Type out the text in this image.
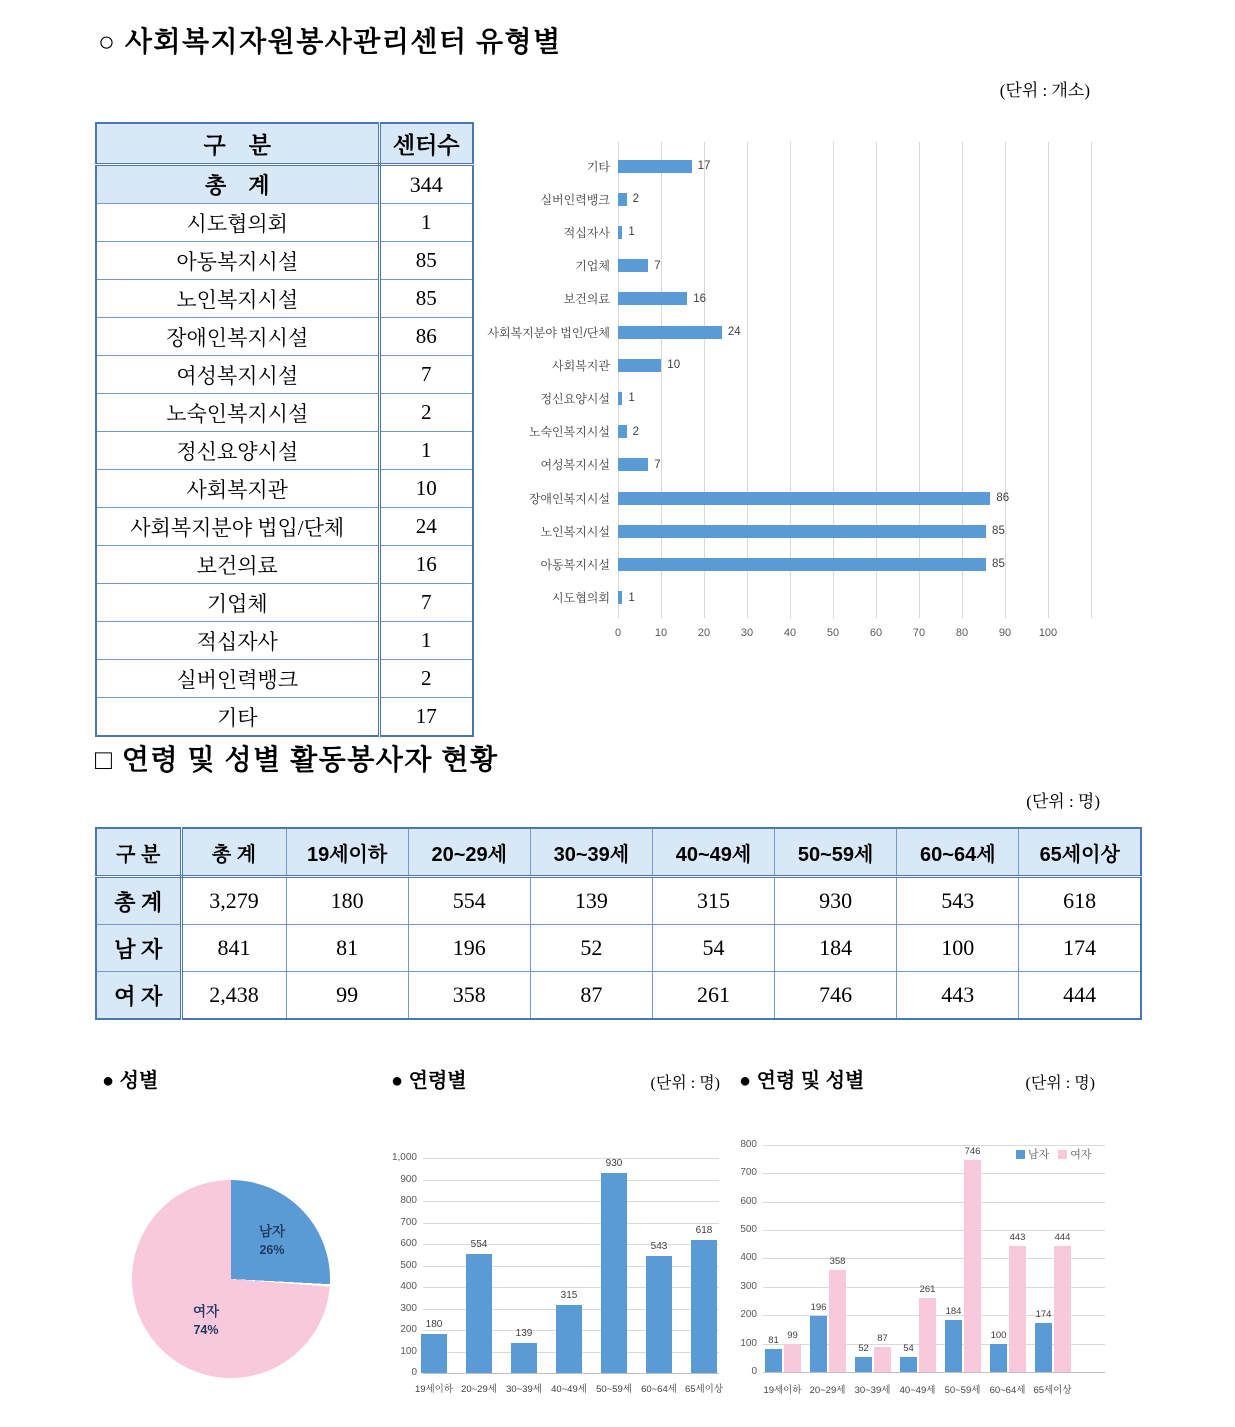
○ 사회복지자원봉사관리센터 유형별
(단위 : 개소)
구    분	센터수
총    계	344
시도협의회	1
아동복지시설	85
노인복지시설	85
장애인복지시설	86
여성복지시설	7
노숙인복지시설	2
정신요양시설	1
사회복지관	10
사회복지분야 법입/단체	24
보건의료	16
기업체	7
적십자사	1
실버인력뱅크	2
기타	17
기타	17
실버인력뱅크 2
적십자사 1
기업체	7
보건의료	16
사회복지분야 법인/단체	24
사회복지관	10
정신요양시설 1
노숙인복지시설 2
여성복지시설	7
장애인복지시설	86
노인복지시설	85
아동복지시설	85
시도협의회 1
0	10	20	30	40	50	60	70	80	90	100
□ 연령 및 성별 활동봉사자 현황
(단위 : 명)
구 분	총 계	19세이하	20~29세	30~39세	40~49세	50~59세	60~64세	65세이상
총 계	3,279	180	554	139	315	930	543	618
남 자	841	81	196	52	54	184	100	174
여 자	2,438	99	358	87	261	746	443	444
● 성별	● 연령별	(단위 : 명) ● 연령 및 성별	(단위 : 명)
남자
26%
여자
74%
0
100
200
300
400
500
600
700
800
900
1,000
180
19세이하
554
20~29세
139
30~39세
315
40~49세
930
50~59세
543
60~64세
618
65세이상
0
100
200
300
400
500
600
700
800
81 99
19세이하
196
358
20~29세
52
87
30~39세
54
261
40~49세
184
746
50~59세
100
443
60~64세
174
444
65세이상
남자 여자
